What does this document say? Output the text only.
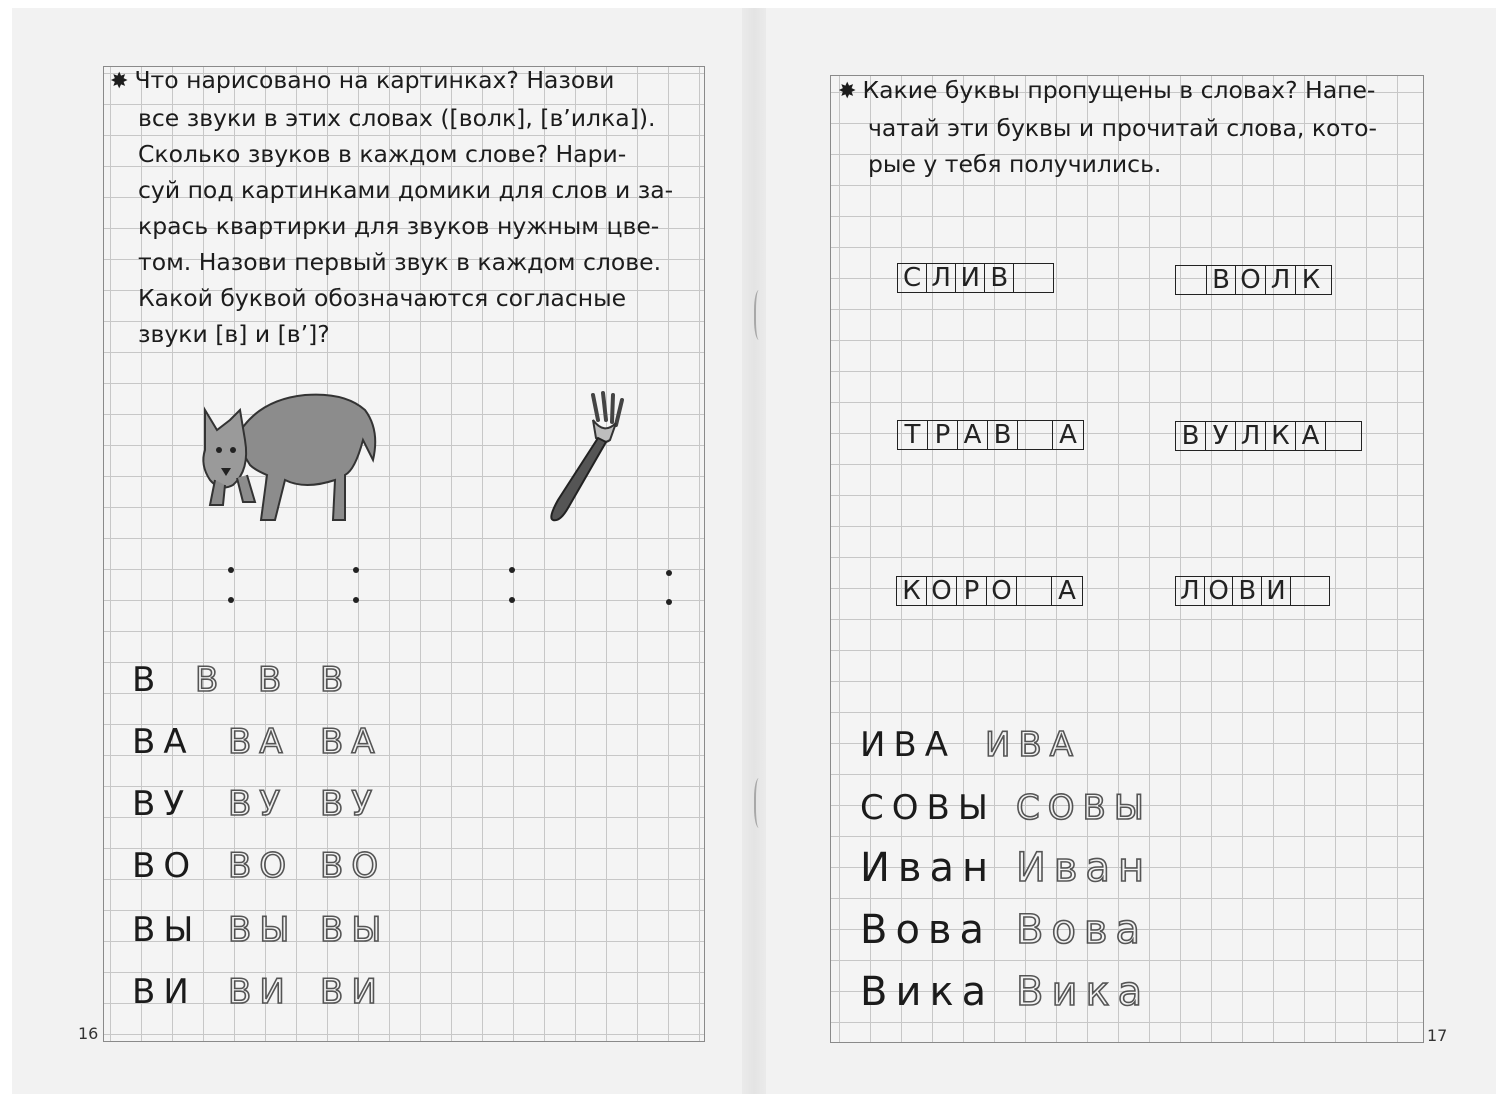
✸ Что нарисовано на картинках? Назови

все звуки в этих словах ([волк], [в’илка]).

Сколько звуков в каждом слове? Нари-

суй под картинками домики для слов и за-

крась квартирки для звуков нужным цве-

том. Назови первый звук в каждом слове.

Какой буквой обозначаются согласные

звуки [в] и [в’]?

В В В В
ВА ВА ВА
ВУ ВУ ВУ
ВО ВО ВО
ВЫ ВЫ ВЫ
ВИ ВИ ВИ
16

✸ Какие буквы пропущены в словах? Напе-

чатай эти буквы и прочитай слова, кото-

рые у тебя получились.

С Л И В	В О Л К
Т Р А В А	В У Л К А
К О Р О А	Л О В И
ИВА ИВА
СОВЫ СОВЫ
Иван Иван
Вова Вова
Вика Вика
17
